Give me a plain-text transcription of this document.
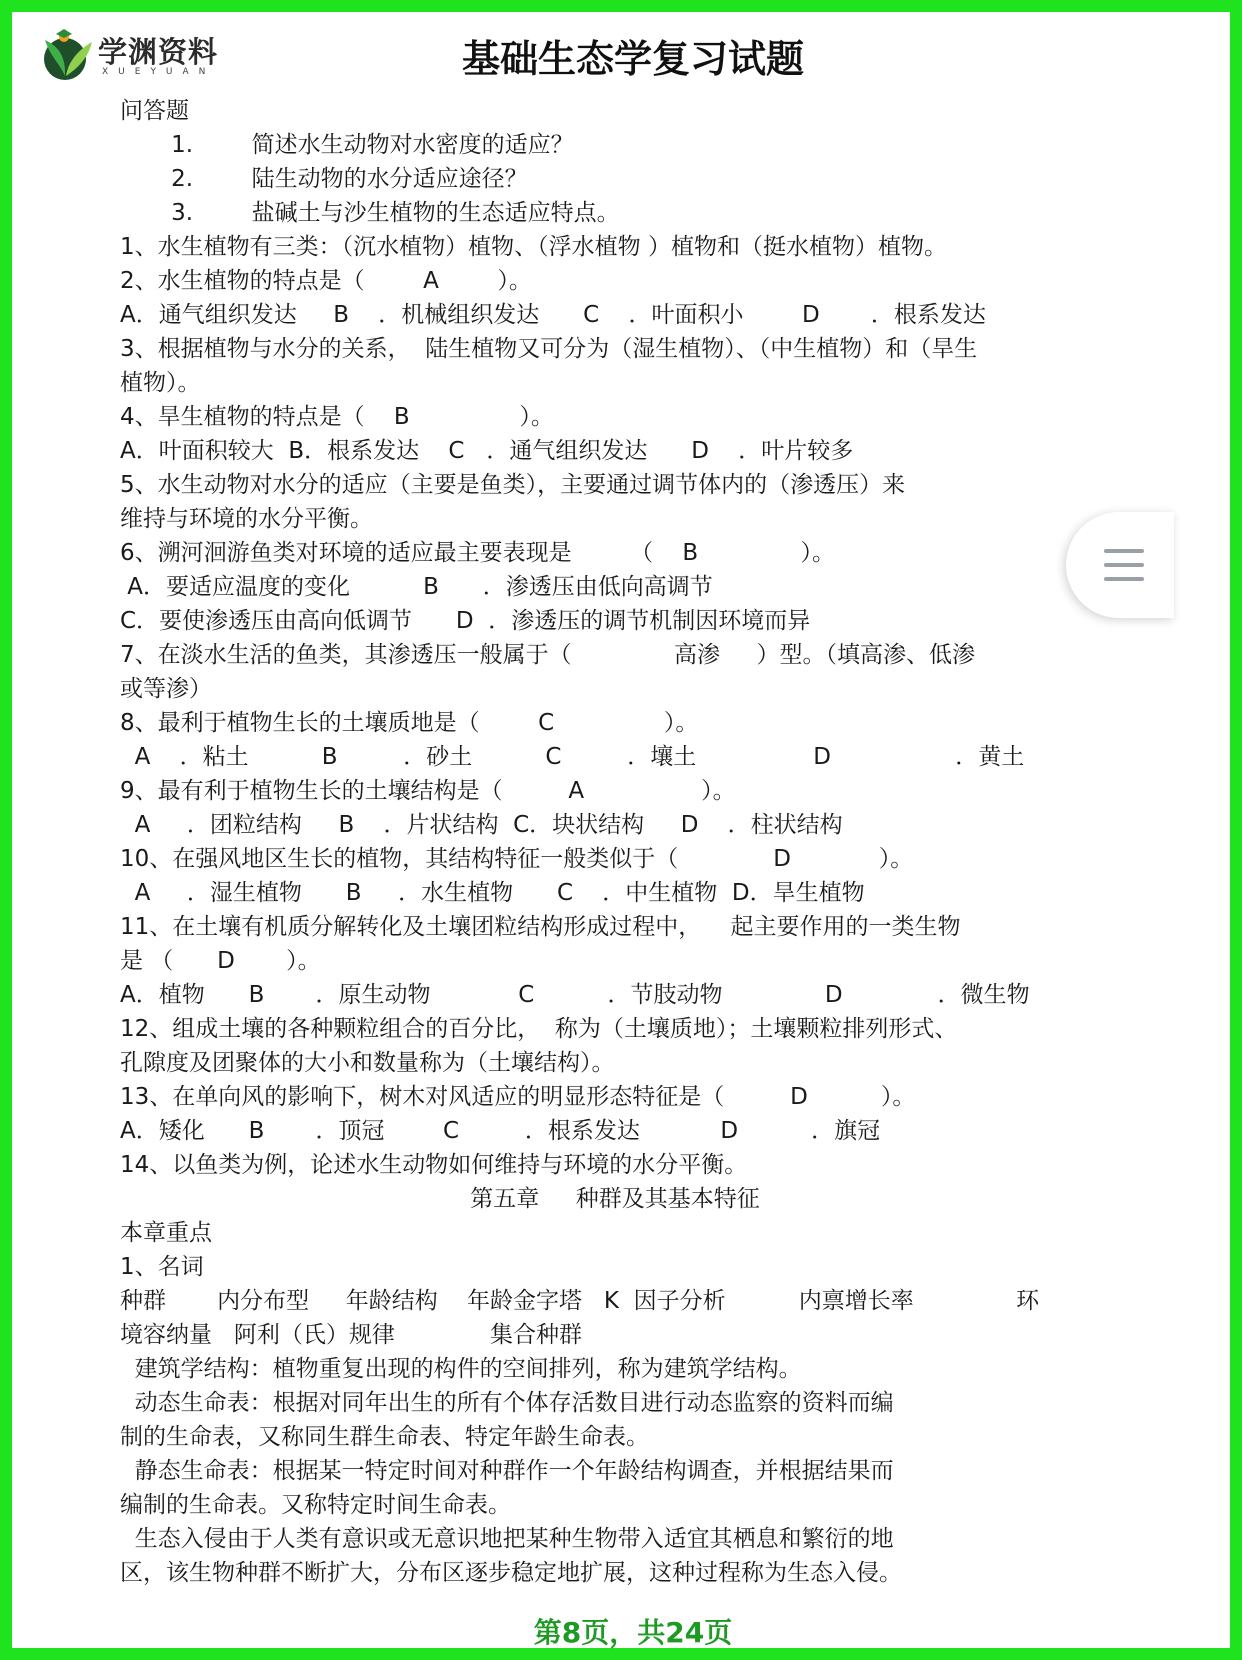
学渊资料
XUEYUAN	基础生态学复习试题
问答题
1.        简述水生动物对水密度的适应？
2.        陆生动物的水分适应途径？
3.        盐碱土与沙生植物的生态适应特点。
1、水生植物有三类：（沉水植物）植物、（浮水植物 ）植物和（挺水植物）植物。
2、水生植物的特点是（        A        ）。
A．通气组织发达     B    ．机械组织发达      C    ．叶面积小        D       ．根系发达
3、根据植物与水分的关系，  陆生植物又可分为（湿生植物）、（中生植物）和（旱生
植物）。
4、旱生植物的特点是（    B               ）。
A．叶面积较大  B．根系发达    C   ．通气组织发达      D    ．叶片较多
5、水生动物对水分的适应（主要是鱼类），主要通过调节体内的（渗透压）来
维持与环境的水分平衡。
6、溯河洄游鱼类对环境的适应最主要表现是        （    B              ）。
A．要适应温度的变化          B      ．渗透压由低向高调节
C．要使渗透压由高向低调节      D  ．渗透压的调节机制因环境而异
7、在淡水生活的鱼类，其渗透压一般属于（              高渗     ）型。（填高渗、低渗
或等渗）
8、最利于植物生长的土壤质地是（        C               ）。
A    ．粘土          B         ．砂土          C         ．壤土                D                 ．黄土
9、最有利于植物生长的土壤结构是（         A                ）。
A     ．团粒结构     B    ．片状结构  C．块状结构     D    ．柱状结构
10、在强风地区生长的植物，其结构特征一般类似于（             D            ）。
A     ．湿生植物      B     ．水生植物      C    ．中生植物  D．旱生植物
11、在土壤有机质分解转化及土壤团粒结构形成过程中，    起主要作用的一类生物
是 （      D       ）。
A．植物      B       ．原生动物            C          ．节肢动物              D             ．微生物
12、组成土壤的各种颗粒组合的百分比，  称为（土壤质地）；土壤颗粒排列形式、
孔隙度及团聚体的大小和数量称为（土壤结构）。
13、在单向风的影响下，树木对风适应的明显形态特征是（         D          ）。
A．矮化      B       ．顶冠        C         ．根系发达           D          ．旗冠
14、以鱼类为例，论述水生动物如何维持与环境的水分平衡。
第五章     种群及其基本特征
本章重点
1、名词
种群       内分布型     年龄结构    年龄金字塔   K  因子分析          内禀增长率              环
境容纳量   阿利（氏）规律             集合种群
建筑学结构：植物重复出现的构件的空间排列，称为建筑学结构。
动态生命表：根据对同年出生的所有个体存活数目进行动态监察的资料而编
制的生命表，又称同生群生命表、特定年龄生命表。
静态生命表：根据某一特定时间对种群作一个年龄结构调查，并根据结果而
编制的生命表。又称特定时间生命表。
生态入侵由于人类有意识或无意识地把某种生物带入适宜其栖息和繁衍的地
区，该生物种群不断扩大，分布区逐步稳定地扩展，这种过程称为生态入侵。
第8页，共24页
